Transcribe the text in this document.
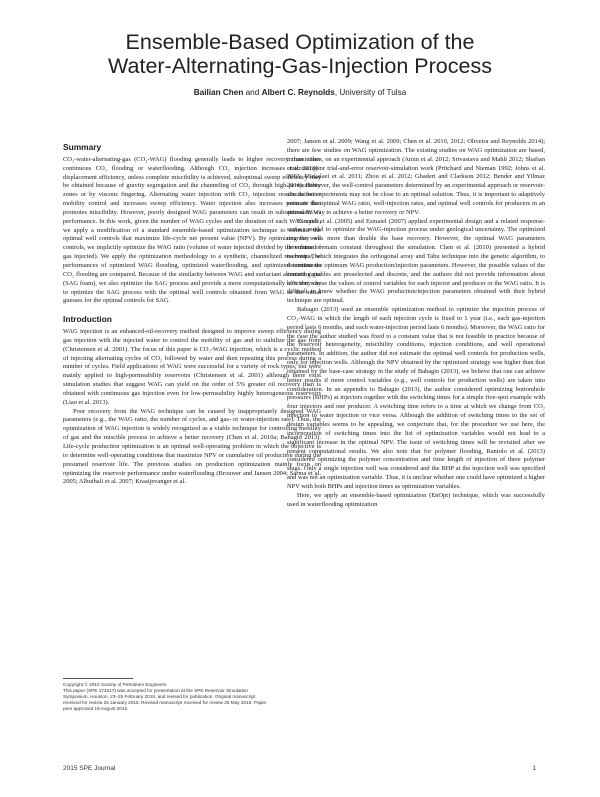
Ensemble-Based Optimization of the
Water-Alternating-Gas-Injection Process
Bailian Chen and Albert C. Reynolds, University of Tulsa
Summary

CO₂-water-alternating-gas (CO₂-WAG) flooding generally leads to higher recovery than either continuous CO₂ flooding or waterflooding. Although CO₂ injection increases microscopic displacement efficiency, unless complete miscibility is achieved, suboptimal sweep efficiency may be obtained because of gravity segregation and the channeling of CO₂ through high-permeability zones or by viscous fingering. Alternating water injection with CO₂ injection results in better mobility control and increases sweep efficiency. Water injection also increases pressure that promotes miscibility. However, poorly designed WAG parameters can result in suboptimal WAG performance. In this work, given the number of WAG cycles and the duration of each WAG cycle, we apply a modification of a standard ensemble-based optimization technique to estimate the optimal well controls that maximize life-cycle net present value (NPV). By optimizing the well controls, we implicitly optimize the WAG ratio (volume of water injected divided by the volume of gas injected). We apply the optimization methodology to a synthetic, channelized reservoir. The performances of optimized WAG flooding, optimized waterflooding, and optimized continuous CO₂ flooding are compared. Because of the similarity between WAG and surfactant alternating gas (SAG foam), we also optimize the SAG process and provide a more computationally efficient way to optimize the SAG process with the optimal well controls obtained from WAG as the initial guesses for the optimal controls for SAG.

Introduction

WAG injection is an enhanced-oil-recovery method designed to improve sweep efficiency during gas injection with the injected water to control the mobility of gas and to stabilize the gas front (Christensen et al. 2001). The focus of this paper is CO₂-WAG injection, which is a cyclic method of injecting alternating cycles of CO₂ followed by water and then repeating this process during a number of cycles. Field applications of WAG were successful for a variety of rock types, but were mainly applied to high-permeability reservoirs (Christensen et al. 2001) although there exist simulation studies that suggest WAG can yield on the order of 5% greater oil recovery than is obtained with continuous gas injection even for low-permeability highly heterogeneous reservoirs (Liao et al. 2013).

Poor recovery from the WAG technique can be caused by inappropriately designed WAG parameters (e.g., the WAG ratio, the number of cycles, and gas- or water-injection rate). Thus, the optimization of WAG injection is widely recognized as a viable technique for controlling mobility of gas and the miscible process to achieve a better recovery (Chen et al. 2010a; Bahagio 2013). Life-cycle production optimization is an optimal well-operating problem in which the objective is to determine well-operating conditions that maximize NPV or cumulative oil production during the presumed reservoir life. The previous studies on production optimization mainly focus on optimizing the reservoir performance under waterflooding (Brouwer and Jansen 2004; Sarma et al. 2005; Alhuthali et al. 2007; Kraaijevanger et al.

2007; Jansen et al. 2009; Wang et al. 2009; Chen et al. 2010, 2012; Oliveira and Reynolds 2014); there are few studies on WAG optimization. The existing studies on WAG optimization are based, in most cases, on an experimental approach (Amin et al. 2012; Srivastava and Mahli 2012; Shafian et al. 2013) or trial-and-error reservoir-simulation work (Pritchard and Nieman 1992; Johns et al. 2003; Mirkalaei et al. 2011; Zhou et al. 2012; Ghaderi and Clarkson 2012; Bender and Yilmaz 2014). However, the well-control parameters determined by an experimental approach or reservoir-simulation experiments may not be close to an optimal solution. Thus, it is important to adaptively estimate the optimal WAG ratio, well-injection rates, and optimal well controls for producers in an automatic way to achieve a better recovery or NPV.

Esmaiel et al. (2005) and Esmaiel (2007) applied experimental design and a related response-surface model to optimize the WAG-injection process under geological uncertainty. The optimized recovery was more than double the base recovery. However, the optimal WAG parameters determined remain constant throughout the simulation. Chen et al. (2010) presented a hybrid technique, which integrates the orthogonal array and Tabu technique into the genetic algorithm, to determine the optimum WAG production/injection parameters. However, the possible values of the control variables are preselected and discrete, and the authors did not provide information about how they chose the values of control variables for each injector and producer or the WAG ratio. It is difficult to know whether the WAG production/injection parameters obtained with their hybrid technique are optimal.

Bahagio (2013) used an ensemble optimization method to optimize the injection process of CO₂-WAG in which the length of each injection cycle is fixed to 1 year (i.e., each gas-injection period lasts 6 months, and each water-injection period lasts 6 months). Moreover, the WAG ratio for the case the author studied was fixed to a constant value that is not feasible in practice because of the reservoir heterogeneity, miscibility conditions, injection conditions, and well operational parameters. In addition, the author did not estimate the optimal well controls for production wells, only for injection wells. Although the NPV obtained by the optimized strategy was higher than that obtained by the base-case strategy in the study of Bahagio (2013), we believe that one can achieve better results if more control variables (e.g., well controls for production wells) are taken into consideration. In an appendix to Bahagio (2013), the author considered optimizing bottomhole pressures (BHPs) at injectors together with the switching times for a simple five-spot example with four injectors and one producer. A switching time refers to a time at which we change from CO₂ injection to water injection or vice versa. Although the addition of switching times to the set of design variables seems to be appealing, we conjecture that, for the procedure we use here, the incorporation of switching times into the list of optimization variables would not lead to a significant increase in the optimal NPV. The issue of switching times will be revisited after we present computational results. We also note that for polymer flooding, Raniolo et al. (2013) considered optimizing the polymer concentration and time length of injection of three polymer slugs. Only a single injection well was considered and the BHP at the injection well was specified and was not an optimization variable. Thus, it is unclear whether one could have optimized a higher NPV with both BHPs and injection times as optimization variables.

Here, we apply an ensemble-based optimization (EnOpt) technique, which was successfully used in waterflooding optimization

Copyright © 2015 Society of Petroleum Engineers
This paper (SPE 173217) was accepted for presentation at the SPE Reservoir Simulation Symposium, Houston, 23–25 February 2015, and revised for publication. Original manuscript received for review 25 January 2015. Revised manuscript received for review 25 May 2015. Paper peer approved 19 August 2015.
2015 SPE Journal	1
